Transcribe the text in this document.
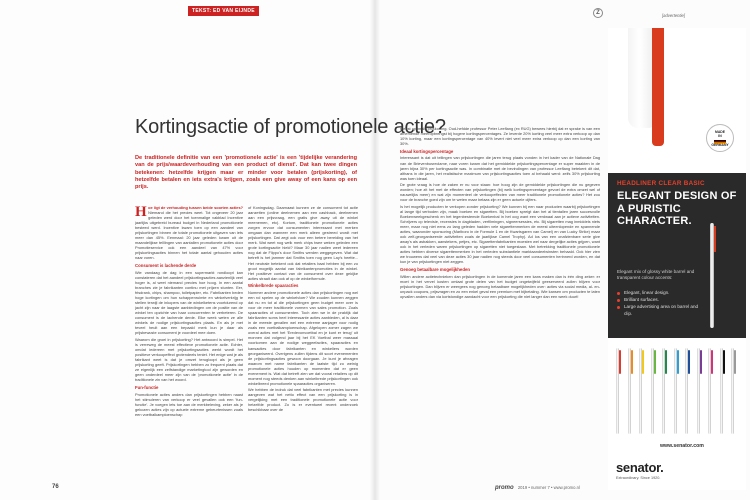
TEKST: ED VAN EIJNDE
Kortingsactie of promotionele actie?
De traditionele definitie van een 'promotionele actie' is een 'tijdelijke verandering van de prijs/waardeverhouding van een product of dienst'. Dat kan twee dingen betekenen: hetzelfde krijgen maar er minder voor betalen (prijskorting), of hetzelfde betalen en iets extra's krijgen, zoals een give away of een kans op een prijs.

Hoe ligt de verhouding tussen beide soorten acties? Niemand die het precies weet. Tot ongeveer 20 jaar geleden werd door het toenmalige vakblad Incentive jaarlijks uitgebreid bureaul budget in Nederland promotionele besteed werd. Incentive kwam toen op een aandeel van prijskortingen binnen de totale promotionele uitgaven van iets meer dan 45%. Eenmaal: 20 jaar geleden kwam uit de maandelijkse telllingen van aantallen promotionele acties door Promotieservice ook een aandeel van 47% voor prijskortingsacties binnen het totale aantal gehouden acties naar voren.

Consument is lachende derde

Wie vandaag de dag in een supermarkt rondloopt kan constateren dat het aandeel prijskortingsacties aanzienlijk veel hoger is, al weet niemand precies hoe hoog. In een aantal branches zie je fabrikanten continu met prijzen stunten. Eer, frisdrank, chips, shampoo, toiletpapier, etc. Fabrikanten beden hoge kortingen om hun schappenruimte en winkelverkrijg te stellen terwijl de inkopers van de winkelketens voortdurend op jacht zijn naar de laagste aanbiedingen om de positie van de winkel ten opzichte van haar concurrenten te verbeteren. De consument is de lachende derde. Elke week weten ze alle winkels de nodige prijskortingsacties plaats. En als je met teveel heult aan een bepaald merk kun je daar als prijsbewuste consument je voordeel mee doen.

Waarom die groei in prijskorting? Het antwoord is simpel. Het is verreweg de meest effectieve promotionele actie. Echter, omdat iedereen met prijskortingsacties werkt wordt het positieve verkoopeffect grotendeels teniet. Het enige wat je als fabrikant weet is dat je omzet terugloopt als je geen prijskorting geeft. Prijskortingen hebben zo frequent plaats dat ze eigenlijk een zelfstandige marketingtool zijn geworden en geen onderdeel meer zijn van de 'promotionele actie' in de traditionele zin van het woord.

Fun-functie

Promotionele acties anders dan prijskortingen hebben naast het stimuleren van verkoop er veel gevallen ook een 'fun-functie'. Je voegen iets toe aan de merkbeleving, zeker als je gekozen acties zijn op actuele extreme gebeurtenissen zoals een voetbalkampioenschap

of Koningsdag. Daarnaast kunnen ze de consument tot actie aanzetten (online deelnemen aan een cashback, deelnemen aan een prijsvraag, een gratis give away uit de winkel meenemen, etc). Kortom, traditionele promotionele acties zorgen ervoor dat consumenten interessant met merken omgaan dan wanneer een merk alleen gestreed wordt met prijskortingen. Dat zegt ook voor een betere bereiding van het merk. Wat weet nog welk merk chips twee weken geleden een grote kortingsactie hield? Maar 30 jaar nadien weet iedereen nog dat de Flippo's door Smiths werden weggegeven. Wat dat betreft is het jammer dat Smiths toen nog geen Lay's heette... Het neutrale betekent ook dat retailers baat hebben bij een zo groot mogelijk aantal van fabrikantenpromoties in de winkel. Het positieve contact van de consument over deze gekijke acties straalt dan ook af op de winkelformule.

Winkelbrede spaaracties

Nummer andere promotionele acties dan prijskortingen nog wel een rol spelen op de winkelvloer? We zouden kunnen zeggen dat nu en tot al die prijskortingen geen budget meer over is voor de meer traditionele vormen van sales promotion. Zoals spaaracties of consumenten. Toch zien we in de praktijk dat fabrikanten soms heel interessante acties aanbieden, al is daar in de meeste gevallen wel een extreme aanjager voor nodig zoals een voetbalkampioenschap. Afgelopen zomer zagen we overal acties met het 'Eredevonvoetbal en je kunt er terug' uit monnen dat volgend jaar bij het EK Voetbal weer massaal voorkomen aan de nodige weggeefacties, spaaracties en kansacties door fabrikanten en winkeliers worden georganiseerd. Overigens zullen tijdens dit soort evenementen de prijskortingsacties gewoon doorgaan. Je kunt je afvragen waarom met name fabrikanten de laatste tijd zo weinig promotionele acties houden op momenten dat er geen evenement is. Wat dat betreft zien we dat vooral retailers op dit moment nog steeds denken aan winkelbrede prijskortingen ook winkelbreed promotionele spaaracties organiseren.

We hebben de indruk dat veel fabrikanten met precies kunnen aangeven wat het netto effect van een prijskorting is in vergelijking met een traditionele promotionele actie voor hetzelfde product. Zo is er eventueel recent onderzoek beschikbaar over de

76
Z	[advertentie]

meest optimale prijskorting. Oud-hefdde professor Peter Leeflang (ex RUG) bewees hierbij dat er sprake is van een afnemende meeropbrengst bij hogere kortingspercentages. Ze leverde 20% korting veel meer extra verkoop op dan 10% korting, maar een kortingspercentage van 40% levert niet veel meer extra verkoop op dan een korting van 30%.

Ideaal kortingspercentage

Interessant is dat uit tellingen van prijskortingen die jaren terug plaats vonden in het kader van de Nationale Dag van de Brievenbusreclame, naar voren kwam dat het gemiddelde prijskortingspercentage er super maakten in de jaren bijna 30% per kortingsactie was. In combinatie met de bevindingen van professor Leeflang betekent dit dat, althans in die jaren, het realistische maximum van prijskortingsacties toen al behaald werd: zelfs 30% prijskorting was toen ideaal.

De grote vraag is hoe de zaken er nu voor staan: hoe hoog zijn de gemiddelde prijskortingen die nu gegeven worden; hoe zit het met de effecten van prijskortingen (bij welk kortingspercentage gevoel de extra omzet wel of nauwelijks meer) en wat zijn momenteel de verkoopeffecten van meer traditionele promotionele acties? Het zou voor de branche goed zijn om te weten maar belaas zijn er geen actuele cijfers.

Is het mogelijk producten te verkopen zonder prijskorting? We kunnen bij een naar producten waarbij prijskortingen al lange tijd verboden zijn, maak boeken en sigaretten. Bij boeken spreigt dan het al tientallen jaren succesvolle Boekenweekgeschenk en het tegenbestemde Boekenbal in het oog want een verdwaal aan je actieve activiteiten. Schrijvers op televisie, recensies in dagbladen, verfilmingen, signeersessies, etc. Bij sigaretten mag inmiddels niets meer, maar nog niet eens zo lang geleden hadden vele sigarettenmerken de meest uiteenlopende en spannende acties, waaronder sponsoring (Marlboro in de Formule 1 en de Kwartsgaren van Camel) en van Lucky Strike) maar ook zelf-georganiseerde activiteiten zoals de jaarlijkse Camel Trophy). Ad los van een onafzienbare serie give away's als asbakken, aanstekers, petjes, etc. Sigarettenfabrikanten moesten wel naar dergelijke acties grijpen, want ook in het verleden waren prijskortingen op sigaretten niet toegestaan. Met betrekking traditionele promotionele acties hebben diverse sigarettenmerken in het verleden substantiele marktaandeelwinsten behaald. Ook hier zien we trouwens dat veel van deze acties 30 jaar nadien nog steeds door veel consumenten herinnerd worden, en dat kun je van prijskortingen niet zeggen.

Genoeg betaalbare mogelijkheden

Willen andere actietechnieken dan prijskortingen in de komende jaren een kans maken dan is één ding zeker: er moet in het vervel kosten omlaat grote delen van het budget ongetwijfeld geeserveerd zullen blijven voor prijskortingen. Dan blijven er weergees nog genoeg betaalbare mogelijkheden over: acties via social media, al- en-unpack coupons, prijsvragen en zo een enkel geval een premium met bijbetaling. Wie kansen om producten te laten opvallen anders dan via kortstondige aandacht voor een prijskorting die niet langer dan een week duurt!

promo 2019 • nummer 7 • www.promo.nl
MADE
IN
GERMANY
HEADLINER CLEAR BASIC
ELEGANT DESIGN OF A PURISTIC CHARACTER.
Elegant mix of glossy white barrel and transparent colour accents:
Elegant, linear design.
Brilliant surfaces.
Large advertising area on barrel and clip.
www.senator.com
senator.
Extraordinary. Since 1920.
